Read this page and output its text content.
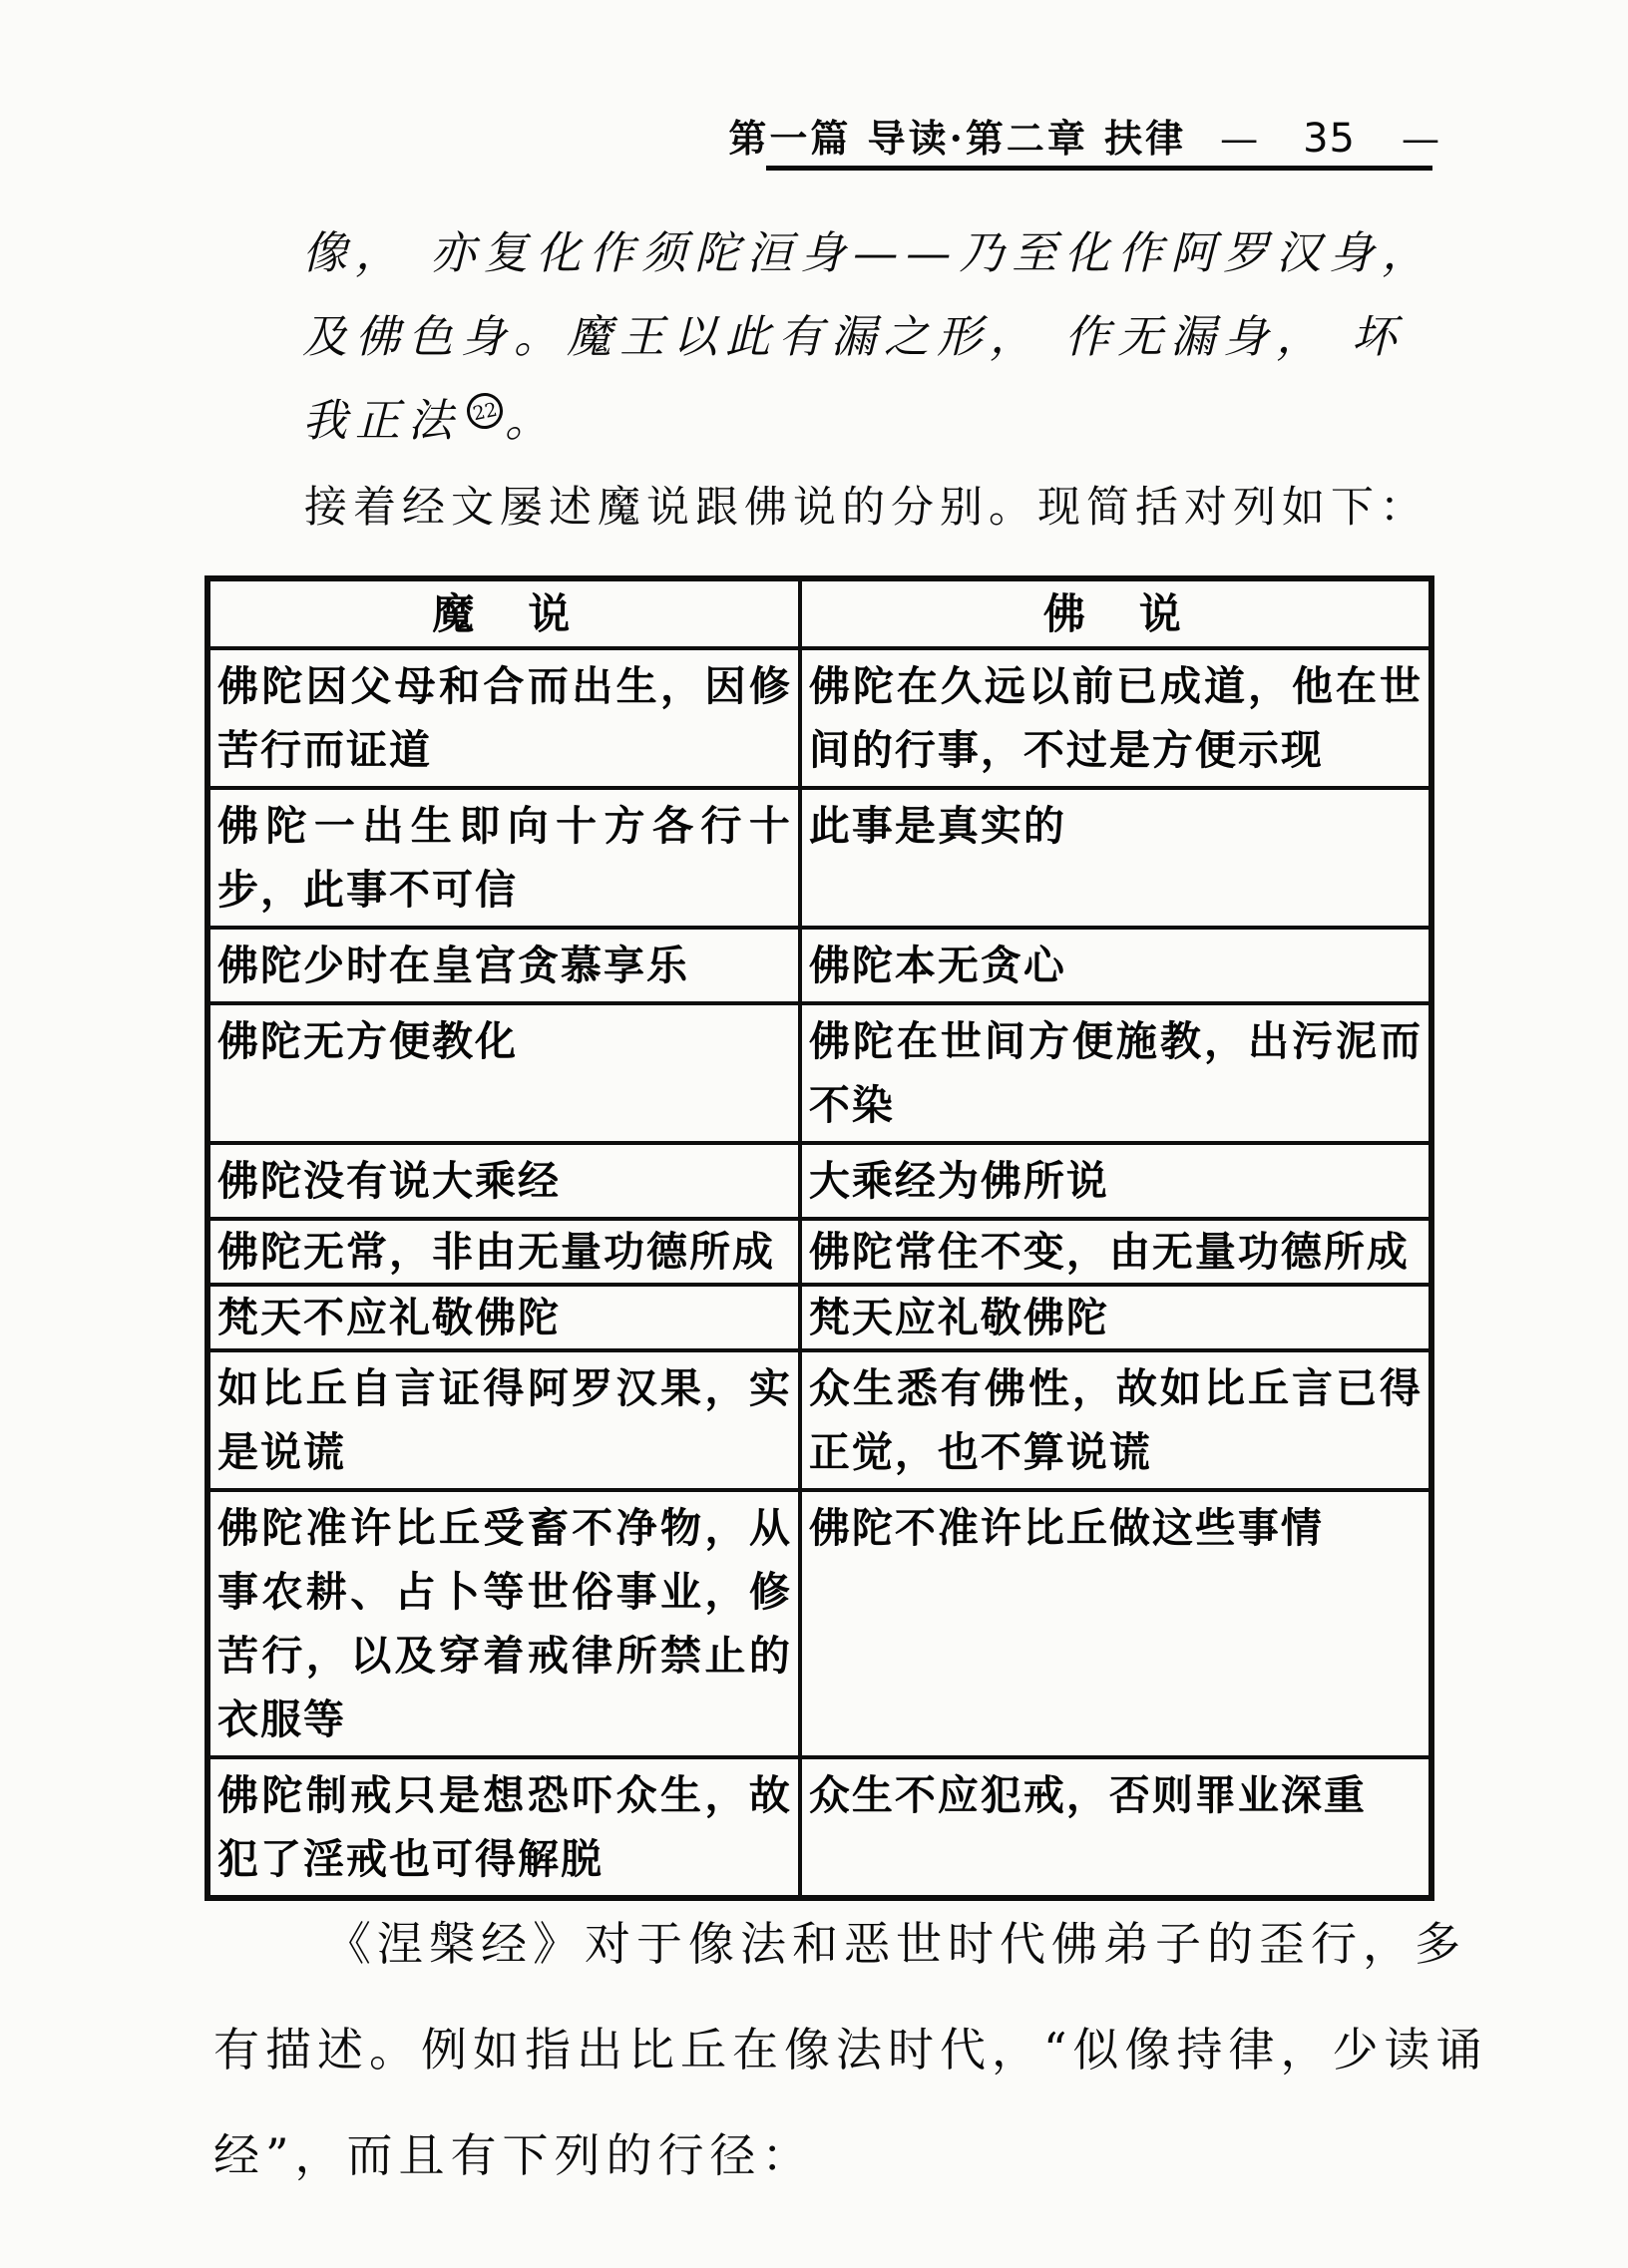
第一篇 导读·第二章 扶律 — 35 —
像， 亦复化作须陀洹身——乃至化作阿罗汉身，
及佛色身。魔王以此有漏之形， 作无漏身， 坏
我正法 22 。

接着经文屡述魔说跟佛说的分别。现简括对列如下：

魔　说	佛　说
佛陀因父母和合而出生，因修苦行而证道	佛陀在久远以前已成道，他在世间的行事，不过是方便示现
佛陀一出生即向十方各行十步，此事不可信	此事是真实的
佛陀少时在皇宫贪慕享乐	佛陀本无贪心
佛陀无方便教化	佛陀在世间方便施教，出污泥而不染
佛陀没有说大乘经	大乘经为佛所说
佛陀无常，非由无量功德所成	佛陀常住不变，由无量功德所成
梵天不应礼敬佛陀	梵天应礼敬佛陀
如比丘自言证得阿罗汉果，实是说谎	众生悉有佛性，故如比丘言已得正觉，也不算说谎
佛陀准许比丘受畜不净物，从事农耕、占卜等世俗事业，修苦行，以及穿着戒律所禁止的衣服等	佛陀不准许比丘做这些事情
佛陀制戒只是想恐吓众生，故犯了淫戒也可得解脱	众生不应犯戒，否则罪业深重
《涅槃经》对于像法和恶世时代佛弟子的歪行，多
有描述。例如指出比丘在像法时代，“似像持律，少读诵
经”，而且有下列的行径：
